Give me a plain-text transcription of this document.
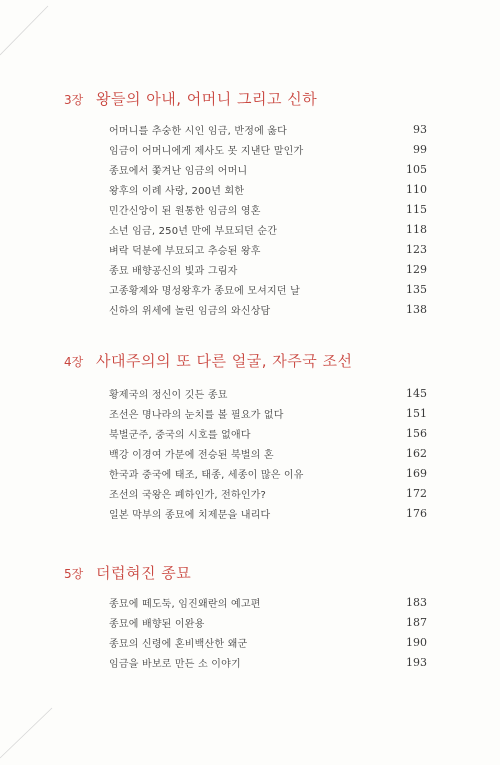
3장 왕들의 아내, 어머니 그리고 신하
어머니를 추숭한 시인 임금, 반정에 옳다	93
임금이 어머니에게 제사도 못 지낸단 말인가	99
종묘에서 쫓겨난 임금의 어머니	105
왕후의 이례 사랑, 200년 회한	110
민간신앙이 된 원통한 임금의 영혼	115
소년 임금, 250년 만에 부묘되던 순간	118
벼락 덕분에 부묘되고 추승된 왕후	123
종묘 배향공신의 빛과 그림자	129
고종황제와 명성왕후가 종묘에 모셔지던 날	135
신하의 위세에 놀린 임금의 와신상담	138
4장 사대주의의 또 다른 얼굴, 자주국 조선
황제국의 정신이 깃든 종묘	145
조선은 명나라의 눈치를 볼 필요가 없다	151
북벌군주, 중국의 시호를 없애다	156
백강 이경여 가문에 전승된 북벌의 혼	162
한국과 중국에 태조, 태종, 세종이 많은 이유	169
조선의 국왕은 폐하인가, 전하인가?	172
일본 막부의 종묘에 치제문을 내리다	176
5장 더럽혀진 종묘
종묘에 떼도둑, 임진왜란의 예고편	183
종묘에 배향된 이완용	187
종묘의 신령에 혼비백산한 왜군	190
임금을 바보로 만든 소 이야기	193
